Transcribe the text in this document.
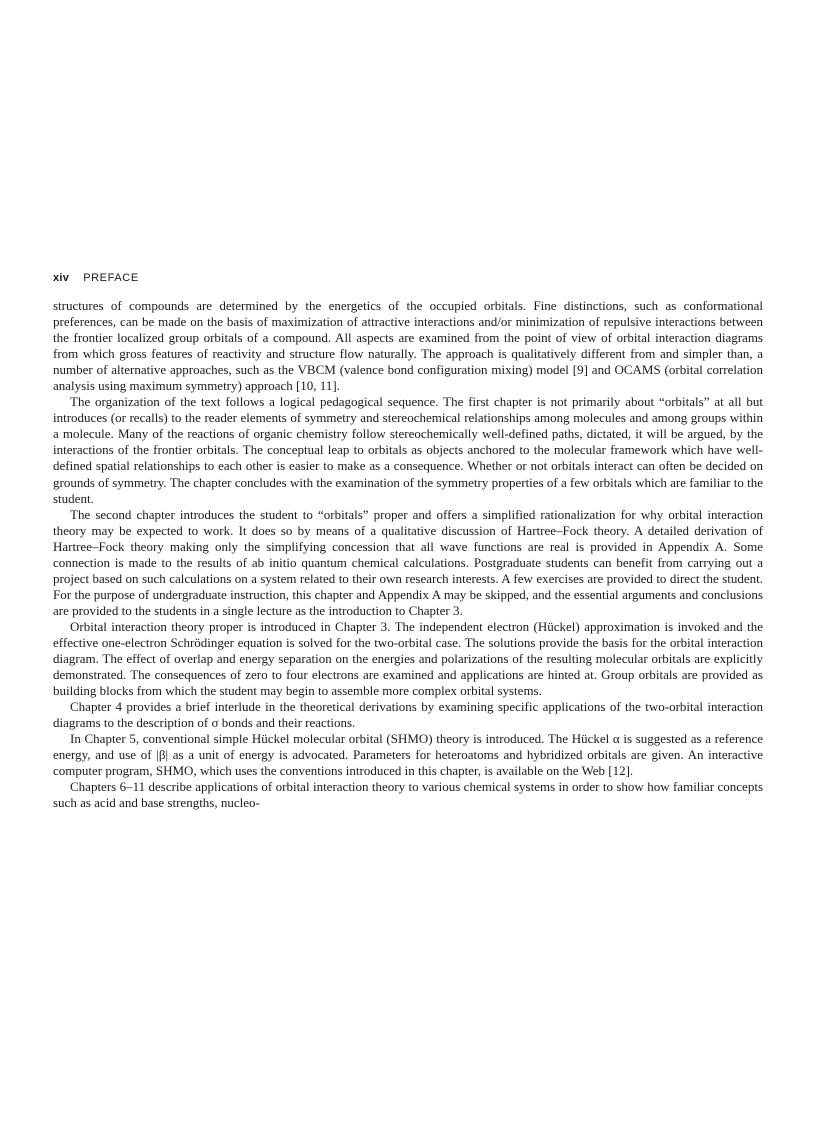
xiv PREFACE

structures of compounds are determined by the energetics of the occupied orbitals. Fine distinctions, such as conformational preferences, can be made on the basis of maximization of attractive interactions and/or minimization of repulsive interactions between the frontier localized group orbitals of a compound. All aspects are examined from the point of view of orbital interaction diagrams from which gross features of reactivity and structure flow naturally. The approach is qualitatively different from and simpler than, a number of alternative approaches, such as the VBCM (valence bond configuration mixing) model [9] and OCAMS (orbital correlation analysis using maximum symmetry) approach [10, 11].

The organization of the text follows a logical pedagogical sequence. The first chapter is not primarily about “orbitals” at all but introduces (or recalls) to the reader elements of symmetry and stereochemical relationships among molecules and among groups within a molecule. Many of the reactions of organic chemistry follow stereochemically well-defined paths, dictated, it will be argued, by the interactions of the frontier orbitals. The conceptual leap to orbitals as objects anchored to the molecular framework which have well-defined spatial relationships to each other is easier to make as a consequence. Whether or not orbitals interact can often be decided on grounds of symmetry. The chapter concludes with the examination of the symmetry properties of a few orbitals which are familiar to the student.

The second chapter introduces the student to “orbitals” proper and offers a simplified rationalization for why orbital interaction theory may be expected to work. It does so by means of a qualitative discussion of Hartree–Fock theory. A detailed derivation of Hartree–Fock theory making only the simplifying concession that all wave functions are real is provided in Appendix A. Some connection is made to the results of ab initio quantum chemical calculations. Postgraduate students can benefit from carrying out a project based on such calculations on a system related to their own research interests. A few exercises are provided to direct the student. For the purpose of undergraduate instruction, this chapter and Appendix A may be skipped, and the essential arguments and conclusions are provided to the students in a single lecture as the introduction to Chapter 3.

Orbital interaction theory proper is introduced in Chapter 3. The independent electron (Hückel) approximation is invoked and the effective one-electron Schrödinger equation is solved for the two-orbital case. The solutions provide the basis for the orbital interaction diagram. The effect of overlap and energy separation on the energies and polarizations of the resulting molecular orbitals are explicitly demonstrated. The consequences of zero to four electrons are examined and applications are hinted at. Group orbitals are provided as building blocks from which the student may begin to assemble more complex orbital systems.

Chapter 4 provides a brief interlude in the theoretical derivations by examining specific applications of the two-orbital interaction diagrams to the description of σ bonds and their reactions.

In Chapter 5, conventional simple Hückel molecular orbital (SHMO) theory is introduced. The Hückel α is suggested as a reference energy, and use of |β| as a unit of energy is advocated. Parameters for heteroatoms and hybridized orbitals are given. An interactive computer program, SHMO, which uses the conventions introduced in this chapter, is available on the Web [12].

Chapters 6–11 describe applications of orbital interaction theory to various chemical systems in order to show how familiar concepts such as acid and base strengths, nucleo-
